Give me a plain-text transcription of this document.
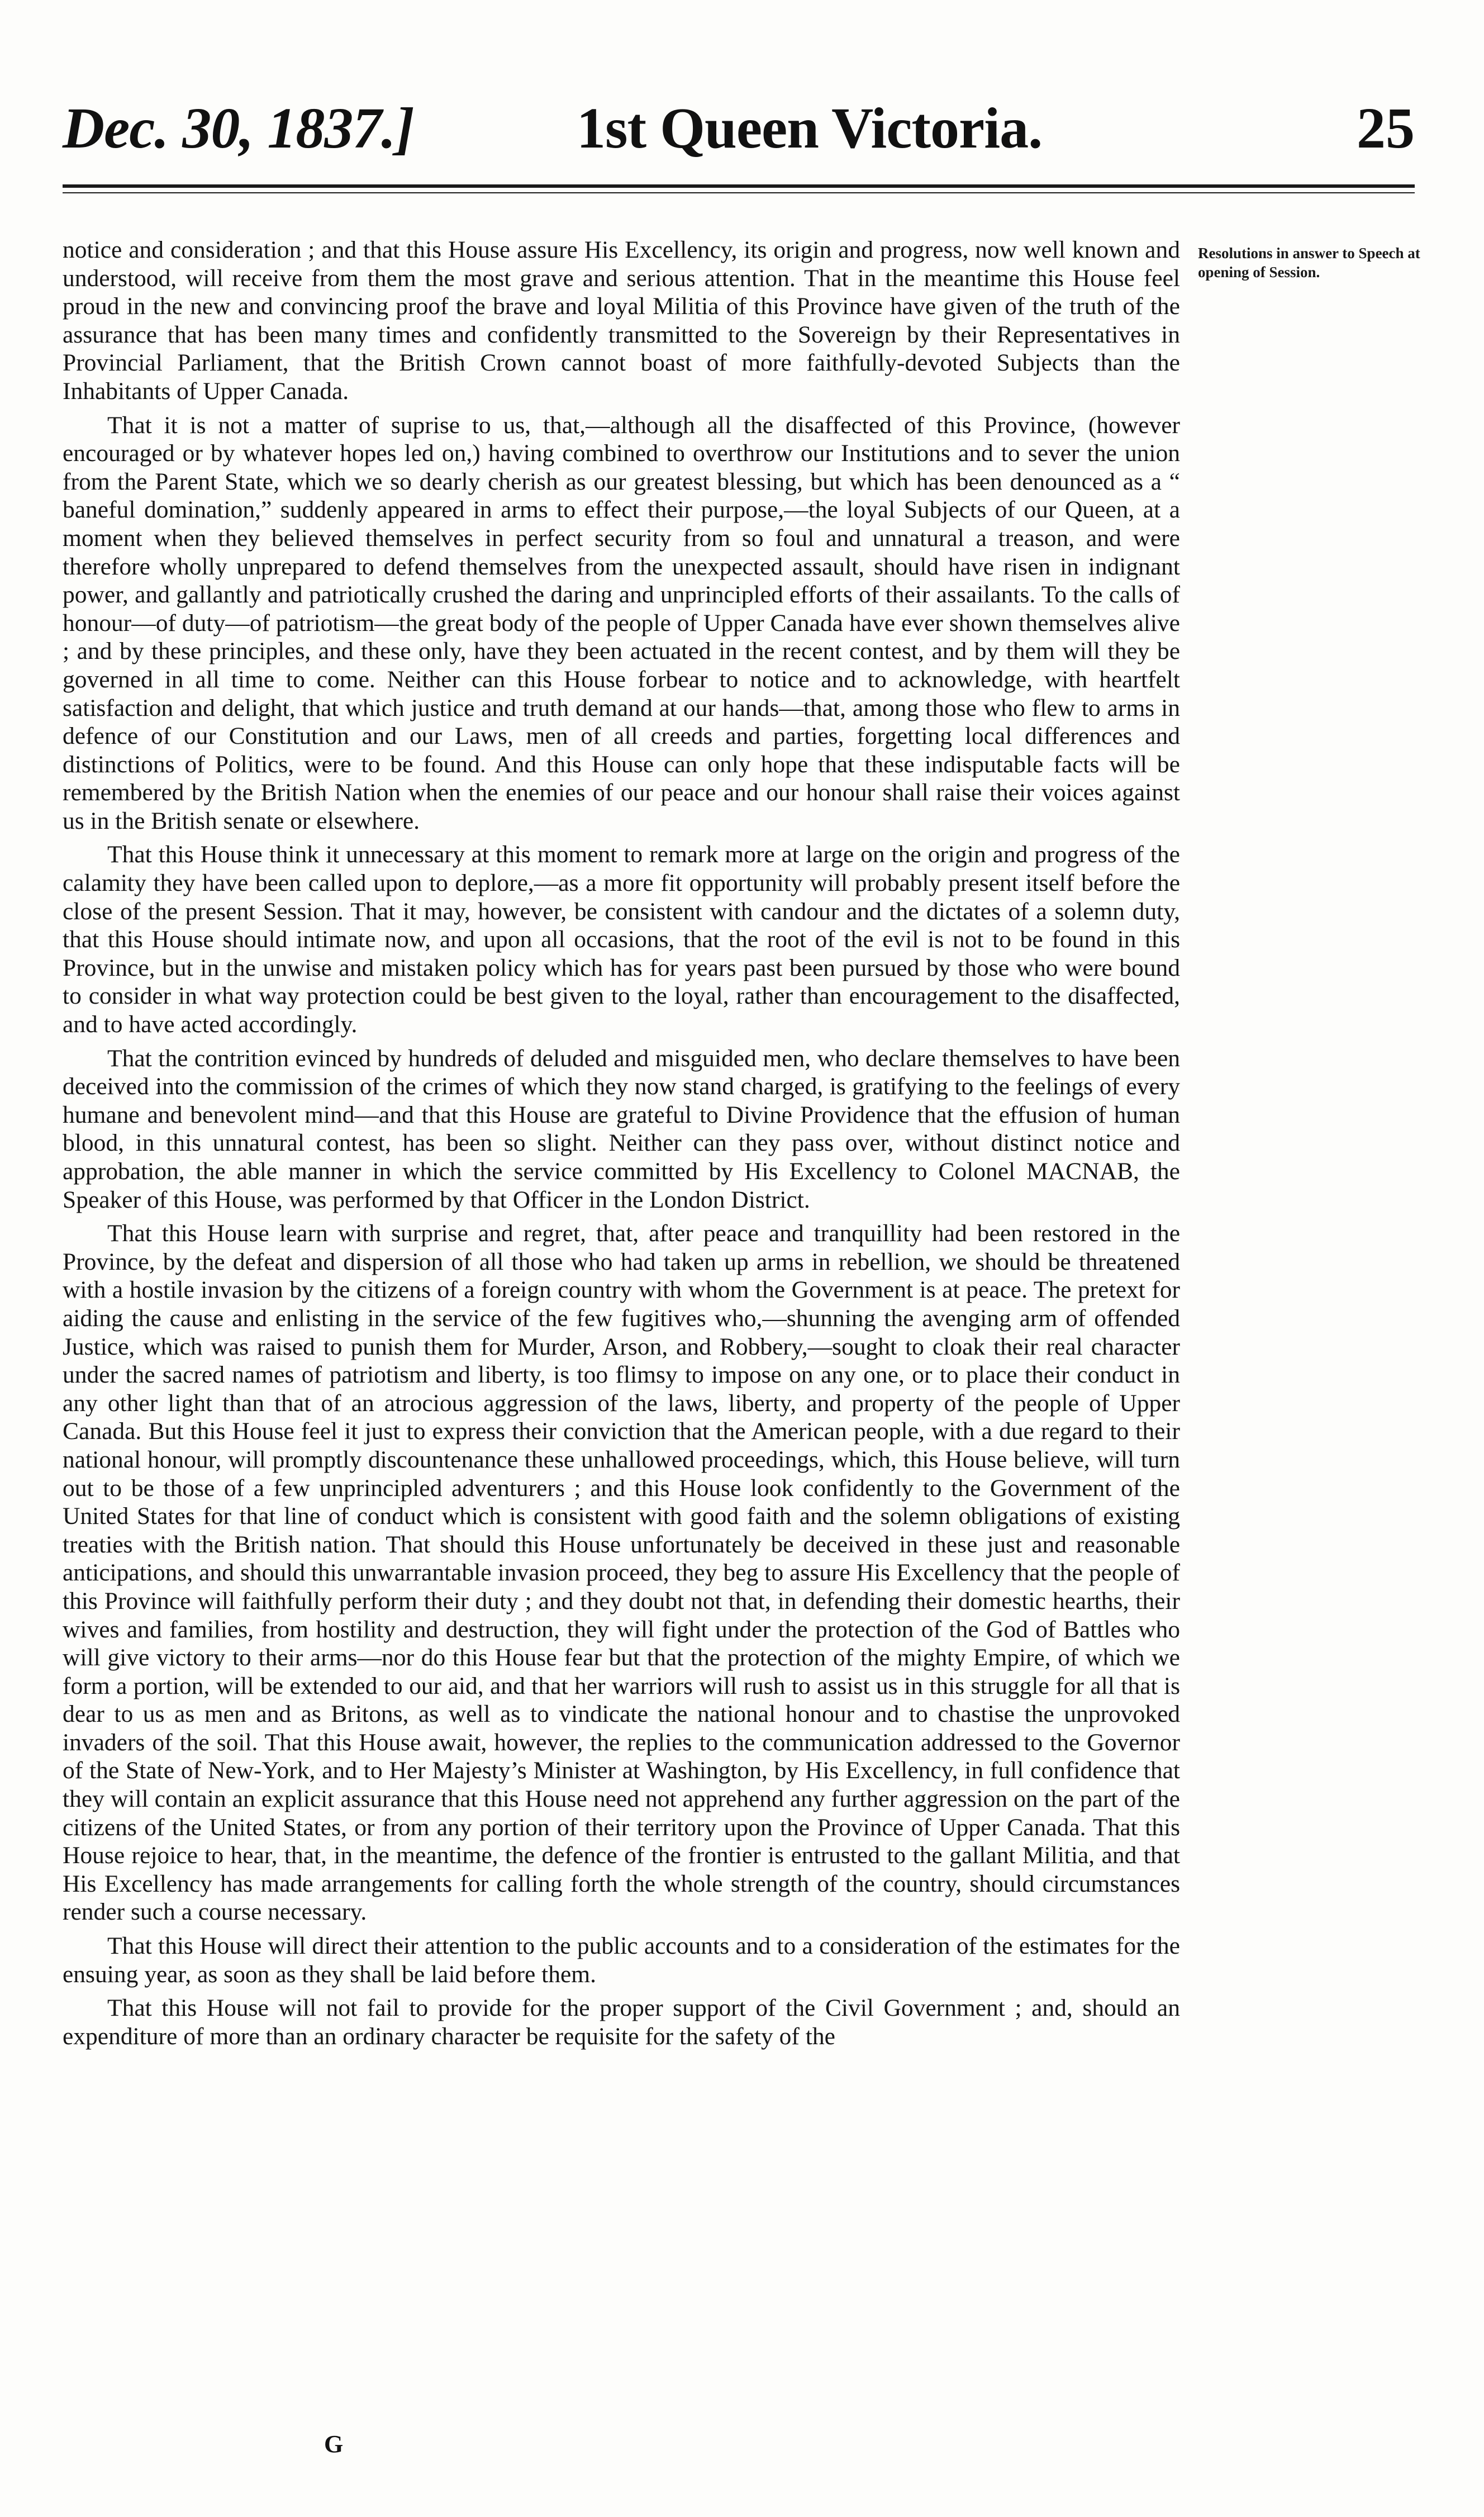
Dec. 30, 1837.]	1st Queen Victoria.	25
Resolutions in answer to Speech at opening of Session.

notice and consideration ; and that this House assure His Excellency, its origin and progress, now well known and understood, will receive from them the most grave and serious attention. That in the meantime this House feel proud in the new and convincing proof the brave and loyal Militia of this Province have given of the truth of the assurance that has been many times and confidently transmitted to the Sovereign by their Representatives in Provincial Parliament, that the British Crown cannot boast of more faithfully-devoted Subjects than the Inhabitants of Upper Canada.

That it is not a matter of suprise to us, that,—although all the disaffected of this Province, (however encouraged or by whatever hopes led on,) having combined to overthrow our Institutions and to sever the union from the Parent State, which we so dearly cherish as our greatest blessing, but which has been denounced as a “ baneful domination,” suddenly appeared in arms to effect their purpose,—the loyal Subjects of our Queen, at a moment when they believed themselves in perfect security from so foul and unnatural a treason, and were therefore wholly unprepared to defend themselves from the unexpected assault, should have risen in indignant power, and gallantly and patriotically crushed the daring and unprincipled efforts of their assailants. To the calls of honour—of duty—of patriotism—the great body of the people of Upper Canada have ever shown themselves alive ; and by these principles, and these only, have they been actuated in the recent contest, and by them will they be governed in all time to come. Neither can this House forbear to notice and to acknowledge, with heartfelt satisfaction and delight, that which justice and truth demand at our hands—that, among those who flew to arms in defence of our Constitution and our Laws, men of all creeds and parties, forgetting local differences and distinctions of Politics, were to be found. And this House can only hope that these indisputable facts will be remembered by the British Nation when the enemies of our peace and our honour shall raise their voices against us in the British senate or elsewhere.

That this House think it unnecessary at this moment to remark more at large on the origin and progress of the calamity they have been called upon to deplore,—as a more fit opportunity will probably present itself before the close of the present Session. That it may, however, be consistent with candour and the dictates of a solemn duty, that this House should intimate now, and upon all occasions, that the root of the evil is not to be found in this Province, but in the unwise and mistaken policy which has for years past been pursued by those who were bound to consider in what way protection could be best given to the loyal, rather than encouragement to the disaffected, and to have acted accordingly.

That the contrition evinced by hundreds of deluded and misguided men, who declare themselves to have been deceived into the commission of the crimes of which they now stand charged, is gratifying to the feelings of every humane and benevolent mind—and that this House are grateful to Divine Providence that the effusion of human blood, in this unnatural contest, has been so slight. Neither can they pass over, without distinct notice and approbation, the able manner in which the service committed by His Excellency to Colonel MACNAB, the Speaker of this House, was performed by that Officer in the London District.

That this House learn with surprise and regret, that, after peace and tranquillity had been restored in the Province, by the defeat and dispersion of all those who had taken up arms in rebellion, we should be threatened with a hostile invasion by the citizens of a foreign country with whom the Government is at peace. The pretext for aiding the cause and enlisting in the service of the few fugitives who,—shunning the avenging arm of offended Justice, which was raised to punish them for Murder, Arson, and Robbery,—sought to cloak their real character under the sacred names of patriotism and liberty, is too flimsy to impose on any one, or to place their conduct in any other light than that of an atrocious aggression of the laws, liberty, and property of the people of Upper Canada. But this House feel it just to express their conviction that the American people, with a due regard to their national honour, will promptly discountenance these unhallowed proceedings, which, this House believe, will turn out to be those of a few unprincipled adventurers ; and this House look confidently to the Government of the United States for that line of conduct which is consistent with good faith and the solemn obligations of existing treaties with the British nation. That should this House unfortunately be deceived in these just and reasonable anticipations, and should this unwarrantable invasion proceed, they beg to assure His Excellency that the people of this Province will faithfully perform their duty ; and they doubt not that, in defending their domestic hearths, their wives and families, from hostility and destruction, they will fight under the protection of the God of Battles who will give victory to their arms—nor do this House fear but that the protection of the mighty Empire, of which we form a portion, will be extended to our aid, and that her warriors will rush to assist us in this struggle for all that is dear to us as men and as Britons, as well as to vindicate the national honour and to chastise the unprovoked invaders of the soil. That this House await, however, the replies to the communication addressed to the Governor of the State of New-York, and to Her Majesty’s Minister at Washington, by His Excellency, in full confidence that they will contain an explicit assurance that this House need not apprehend any further aggression on the part of the citizens of the United States, or from any portion of their territory upon the Province of Upper Canada. That this House rejoice to hear, that, in the meantime, the defence of the frontier is entrusted to the gallant Militia, and that His Excellency has made arrangements for calling forth the whole strength of the country, should circumstances render such a course necessary.

That this House will direct their attention to the public accounts and to a consideration of the estimates for the ensuing year, as soon as they shall be laid before them.

That this House will not fail to provide for the proper support of the Civil Government ; and, should an expenditure of more than an ordinary character be requisite for the safety of the

G
